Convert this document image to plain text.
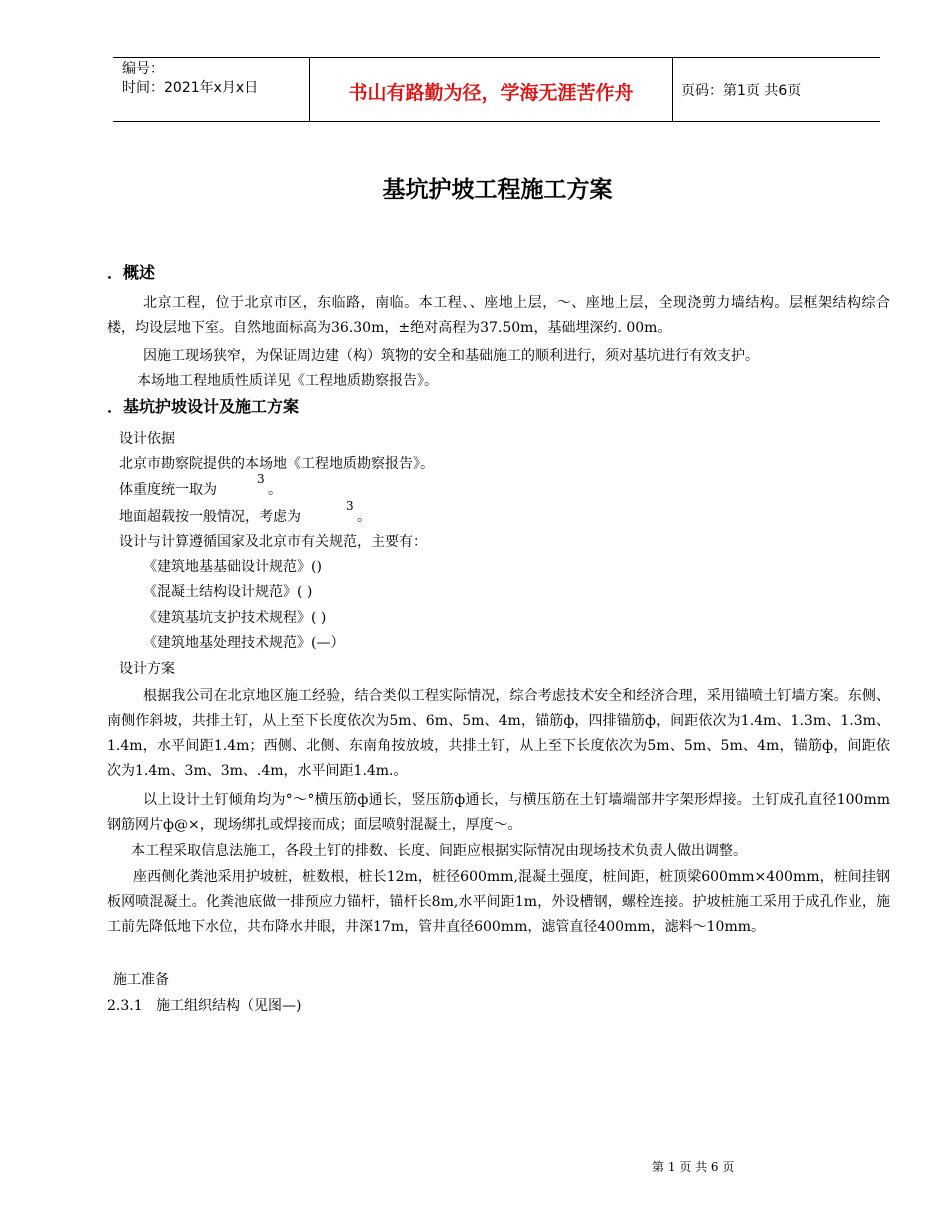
编号：
时间：2021年x月x日	书山有路勤为径，学海无涯苦作舟	页码：第1页 共6页
基坑护坡工程施工方案
．概述
北京工程，位于北京市区，东临路，南临。本工程、、座地上层，～、座地上层，全现浇剪力墙结构。层框架结构综合楼，均设层地下室。自然地面标高为36.30m，±绝对高程为37.50m，基础埋深约. 00m。
因施工现场狭窄，为保证周边建（构）筑物的安全和基础施工的顺利进行，须对基坑进行有效支护。
本场地工程地质性质详见《工程地质勘察报告》。
．基坑护坡设计及施工方案
设计依据
北京市勘察院提供的本场地《工程地质勘察报告》。
体重度统一取为
3
。
地面超载按一般情况，考虑为
3
。
设计与计算遵循国家及北京市有关规范，主要有：
《建筑地基基础设计规范》()
《混凝土结构设计规范》( )
《建筑基坑支护技术规程》( )
《建筑地基处理技术规范》(—）
设计方案
根据我公司在北京地区施工经验，结合类似工程实际情况，综合考虑技术安全和经济合理，采用锚喷土钉墙方案。东侧、南侧作斜坡，共排土钉，从上至下长度依次为5m、6m、5m、4m，锚筋ф，四排锚筋ф，间距依次为1.4m、1.3m、1.3m、1.4m，水平间距1.4m；西侧、北侧、东南角按放坡，共排土钉，从上至下长度依次为5m、5m、5m、4m，锚筋ф，间距依次为1.4m、3m、3m、.4m，水平间距1.4m.。
以上设计土钉倾角均为°～°横压筋ф通长，竖压筋ф通长，与横压筋在土钉墙端部井字架形焊接。土钉成孔直径100mm钢筋网片ф@×，现场绑扎或焊接而成；面层喷射混凝土，厚度～。
本工程采取信息法施工，各段土钉的排数、长度、间距应根据实际情况由现场技术负责人做出调整。
座西侧化粪池采用护坡桩，桩数根，桩长12m，桩径600mm,混凝土强度，桩间距，桩顶梁600mm×400mm，桩间挂钢板网喷混凝土。化粪池底做一排预应力锚杆，锚杆长8m,水平间距1m，外设槽钢，螺栓连接。护坡桩施工采用于成孔作业，施工前先降低地下水位，共布降水井眼，井深17m，管井直径600mm，滤管直径400mm，滤料～10mm。
施工准备
2.3.1   施工组织结构（见图—)
第 1 页 共 6 页
